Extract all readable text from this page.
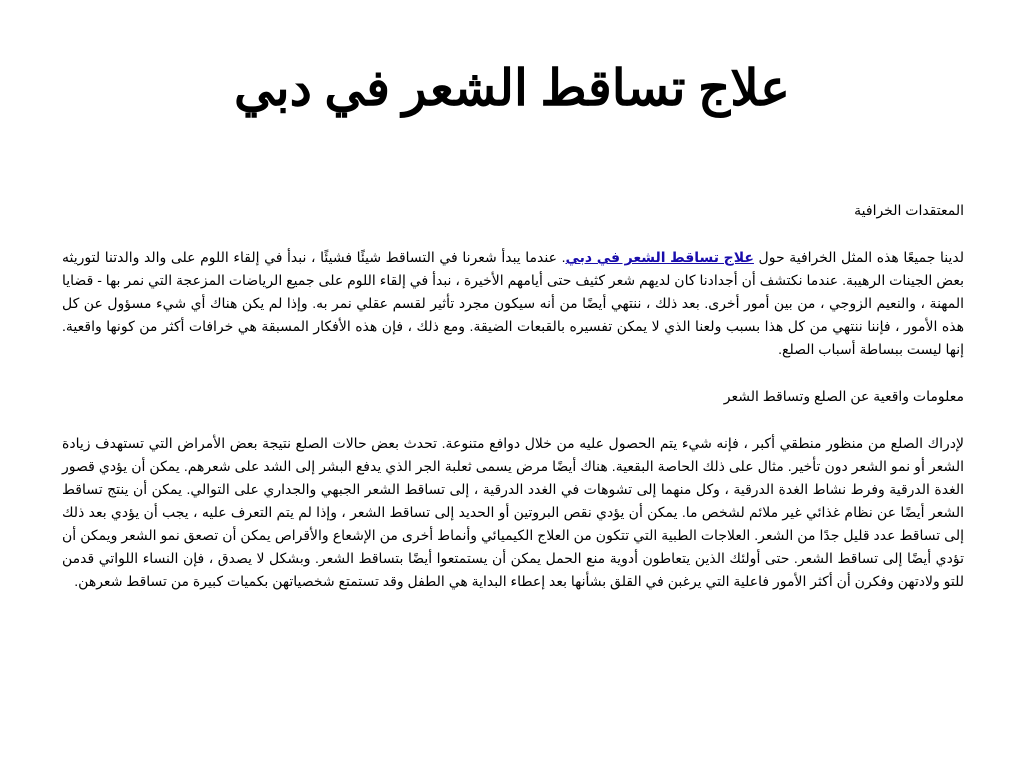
علاج تساقط الشعر في دبي

المعتقدات الخرافية

لدينا جميعًا هذه المثل الخرافية حول علاج تساقط الشعر في دبي. عندما يبدأ شعرنا في التساقط شيئًا فشيئًا ، نبدأ في إلقاء اللوم على والد والدتنا لتوريثه بعض الجينات الرهيبة. عندما نكتشف أن أجدادنا كان لديهم شعر كثيف حتى أيامهم الأخيرة ، نبدأ في إلقاء اللوم على جميع الرياضات المزعجة التي نمر بها - قضايا المهنة ، والنعيم الزوجي ، من بين أمور أخرى. بعد ذلك ، ننتهي أيضًا من أنه سيكون مجرد تأثير لقسم عقلي نمر به. وإذا لم يكن هناك أي شيء مسؤول عن كل هذه الأمور ، فإننا ننتهي من كل هذا بسبب ولعنا الذي لا يمكن تفسيره بالقبعات الضيقة. ومع ذلك ، فإن هذه الأفكار المسبقة هي خرافات أكثر من كونها واقعية. إنها ليست ببساطة أسباب الصلع.

معلومات واقعية عن الصلع وتساقط الشعر

لإدراك الصلع من منظور منطقي أكبر ، فإنه شيء يتم الحصول عليه من خلال دوافع متنوعة. تحدث بعض حالات الصلع نتيجة بعض الأمراض التي تستهدف زيادة الشعر أو نمو الشعر دون تأخير. مثال على ذلك الحاصة البقعية. هناك أيضًا مرض يسمى ثعلبة الجر الذي يدفع البشر إلى الشد على شعرهم. يمكن أن يؤدي قصور الغدة الدرقية وفرط نشاط الغدة الدرقية ، وكل منهما إلى تشوهات في الغدد الدرقية ، إلى تساقط الشعر الجبهي والجداري على التوالي. يمكن أن ينتج تساقط الشعر أيضًا عن نظام غذائي غير ملائم لشخص ما. يمكن أن يؤدي نقص البروتين أو الحديد إلى تساقط الشعر ، وإذا لم يتم التعرف عليه ، يجب أن يؤدي بعد ذلك إلى تساقط عدد قليل جدًا من الشعر. العلاجات الطبية التي تتكون من العلاج الكيميائي وأنماط أخرى من الإشعاع والأقراص يمكن أن تصعق نمو الشعر ويمكن أن تؤدي أيضًا إلى تساقط الشعر. حتى أولئك الذين يتعاطون أدوية منع الحمل يمكن أن يستمتعوا أيضًا بتساقط الشعر. وبشكل لا يصدق ، فإن النساء اللواتي قدمن للتو ولادتهن وفكرن أن أكثر الأمور فاعلية التي يرغبن في القلق بشأنها بعد إعطاء البداية هي الطفل وقد تستمتع شخصياتهن بكميات كبيرة من تساقط شعرهن.
